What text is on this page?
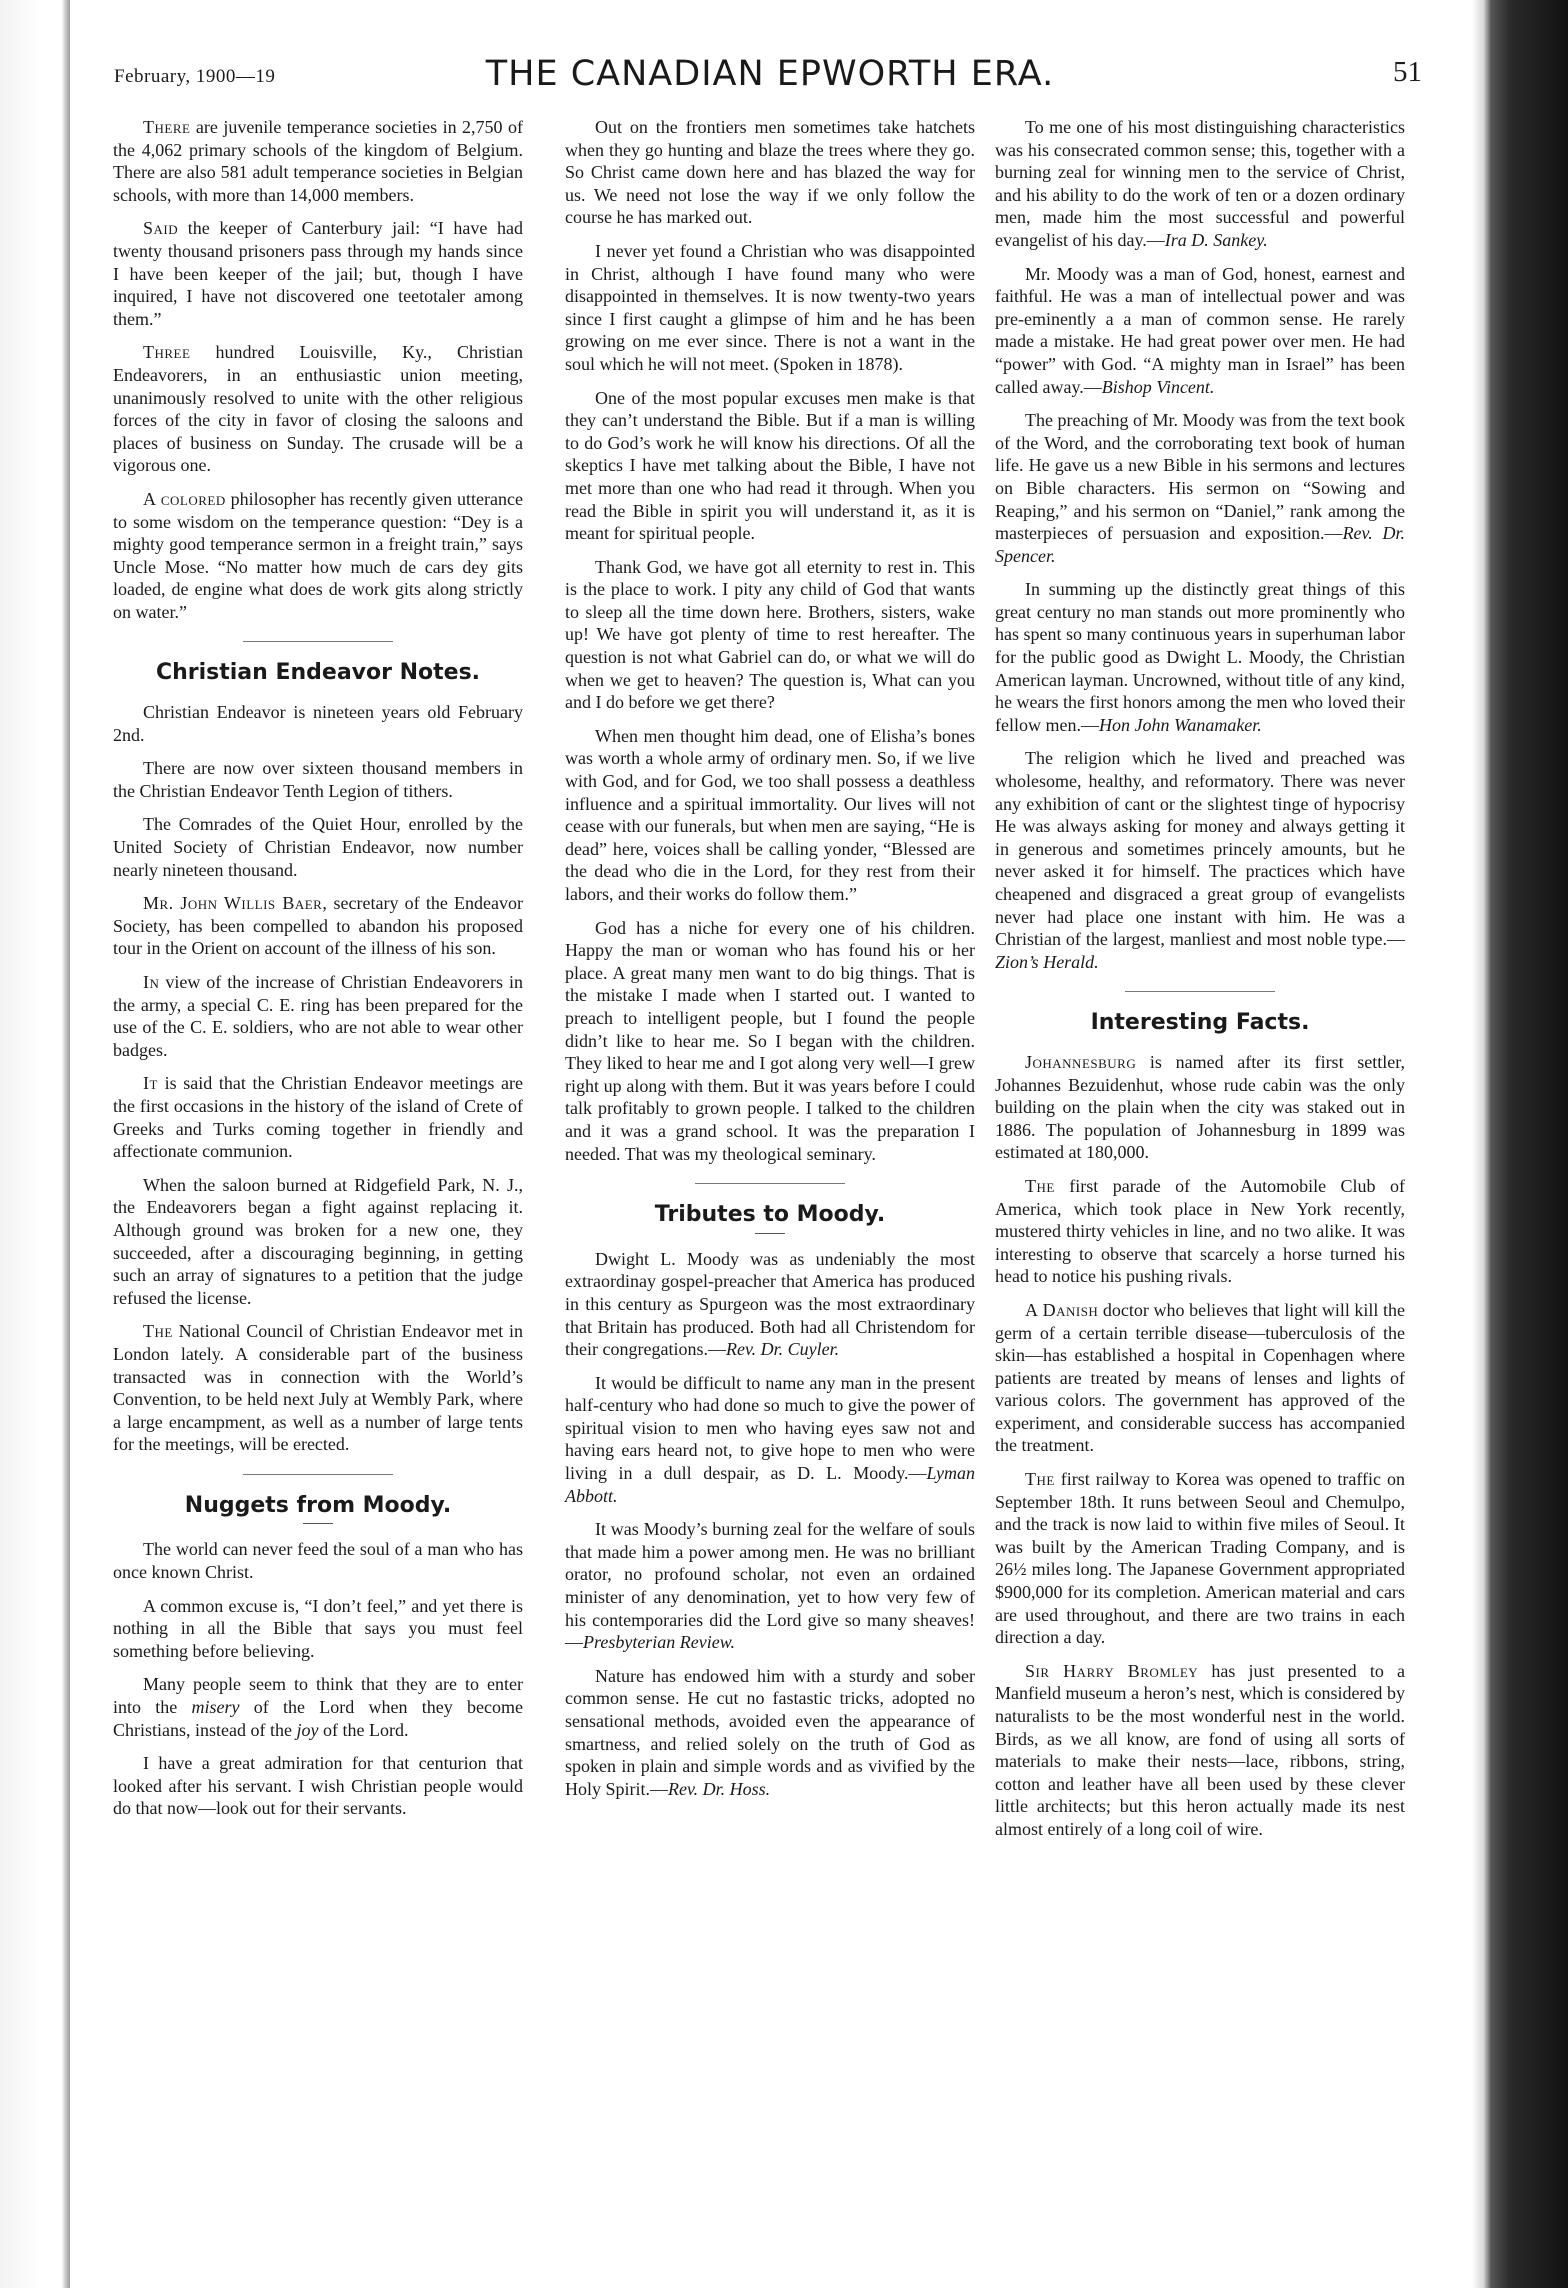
February, 1900—19	THE CANADIAN EPWORTH ERA.	51

There are juvenile temperance societies in 2,750 of the 4,062 primary schools of the kingdom of Belgium. There are also 581 adult temperance societies in Belgian schools, with more than 14,000 members.

Said the keeper of Canterbury jail: “I have had twenty thousand prisoners pass through my hands since I have been keeper of the jail; but, though I have inquired, I have not discovered one teetotaler among them.”

Three hundred Louisville, Ky., Christian Endeavorers, in an enthusiastic union meeting, unanimously resolved to unite with the other religious forces of the city in favor of closing the saloons and places of business on Sunday. The crusade will be a vigorous one.

A colored philosopher has recently given utterance to some wisdom on the temperance question: “Dey is a mighty good temperance sermon in a freight train,” says Uncle Mose. “No matter how much de cars dey gits loaded, de engine what does de work gits along strictly on water.”

Christian Endeavor Notes.

Christian Endeavor is nineteen years old February 2nd.

There are now over sixteen thousand members in the Christian Endeavor Tenth Legion of tithers.

The Comrades of the Quiet Hour, enrolled by the United Society of Christian Endeavor, now number nearly nineteen thousand.

Mr. John Willis Baer, secretary of the Endeavor Society, has been compelled to abandon his proposed tour in the Orient on account of the illness of his son.

In view of the increase of Christian Endeavorers in the army, a special C. E. ring has been prepared for the use of the C. E. soldiers, who are not able to wear other badges.

It is said that the Christian Endeavor meetings are the first occasions in the history of the island of Crete of Greeks and Turks coming together in friendly and affectionate communion.

When the saloon burned at Ridgefield Park, N. J., the Endeavorers began a fight against replacing it. Although ground was broken for a new one, they succeeded, after a discouraging beginning, in getting such an array of signatures to a petition that the judge refused the license.

The National Council of Christian Endeavor met in London lately. A considerable part of the business transacted was in connection with the World’s Convention, to be held next July at Wembly Park, where a large encampment, as well as a number of large tents for the meetings, will be erected.

Nuggets from Moody.

The world can never feed the soul of a man who has once known Christ.

A common excuse is, “I don’t feel,” and yet there is nothing in all the Bible that says you must feel something before believing.

Many people seem to think that they are to enter into the misery of the Lord when they become Christians, instead of the joy of the Lord.

I have a great admiration for that centurion that looked after his servant. I wish Christian people would do that now—look out for their servants.

Out on the frontiers men sometimes take hatchets when they go hunting and blaze the trees where they go. So Christ came down here and has blazed the way for us. We need not lose the way if we only follow the course he has marked out.

I never yet found a Christian who was disappointed in Christ, although I have found many who were disappointed in themselves. It is now twenty-two years since I first caught a glimpse of him and he has been growing on me ever since. There is not a want in the soul which he will not meet. (Spoken in 1878).

One of the most popular excuses men make is that they can’t understand the Bible. But if a man is willing to do God’s work he will know his directions. Of all the skeptics I have met talking about the Bible, I have not met more than one who had read it through. When you read the Bible in spirit you will understand it, as it is meant for spiritual people.

Thank God, we have got all eternity to rest in. This is the place to work. I pity any child of God that wants to sleep all the time down here. Brothers, sisters, wake up! We have got plenty of time to rest hereafter. The question is not what Gabriel can do, or what we will do when we get to heaven? The question is, What can you and I do before we get there?

When men thought him dead, one of Elisha’s bones was worth a whole army of ordinary men. So, if we live with God, and for God, we too shall possess a deathless influence and a spiritual immortality. Our lives will not cease with our funerals, but when men are saying, “He is dead” here, voices shall be calling yonder, “Blessed are the dead who die in the Lord, for they rest from their labors, and their works do follow them.”

God has a niche for every one of his children. Happy the man or woman who has found his or her place. A great many men want to do big things. That is the mistake I made when I started out. I wanted to preach to intelligent people, but I found the people didn’t like to hear me. So I began with the children. They liked to hear me and I got along very well—I grew right up along with them. But it was years before I could talk profitably to grown people. I talked to the children and it was a grand school. It was the preparation I needed. That was my theological seminary.

Tributes to Moody.

Dwight L. Moody was as undeniably the most extraordinay gospel-preacher that America has produced in this century as Spurgeon was the most extraordinary that Britain has produced. Both had all Christendom for their congregations.—Rev. Dr. Cuyler.

It would be difficult to name any man in the present half-century who had done so much to give the power of spiritual vision to men who having eyes saw not and having ears heard not, to give hope to men who were living in a dull despair, as D. L. Moody.—Lyman Abbott.

It was Moody’s burning zeal for the welfare of souls that made him a power among men. He was no brilliant orator, no profound scholar, not even an ordained minister of any denomination, yet to how very few of his contemporaries did the Lord give so many sheaves!—Presbyterian Review.

Nature has endowed him with a sturdy and sober common sense. He cut no fastastic tricks, adopted no sensational methods, avoided even the appearance of smartness, and relied solely on the truth of God as spoken in plain and simple words and as vivified by the Holy Spirit.—Rev. Dr. Hoss.

To me one of his most distinguishing characteristics was his consecrated common sense; this, together with a burning zeal for winning men to the service of Christ, and his ability to do the work of ten or a dozen ordinary men, made him the most successful and powerful evangelist of his day.—Ira D. Sankey.

Mr. Moody was a man of God, honest, earnest and faithful. He was a man of intellectual power and was pre-eminently a a man of common sense. He rarely made a mistake. He had great power over men. He had “power” with God. “A mighty man in Israel” has been called away.—Bishop Vincent.

The preaching of Mr. Moody was from the text book of the Word, and the corroborating text book of human life. He gave us a new Bible in his sermons and lectures on Bible characters. His sermon on “Sowing and Reaping,” and his sermon on “Daniel,” rank among the masterpieces of persuasion and exposition.—Rev. Dr. Spencer.

In summing up the distinctly great things of this great century no man stands out more prominently who has spent so many continuous years in superhuman labor for the public good as Dwight L. Moody, the Christian American layman. Uncrowned, without title of any kind, he wears the first honors among the men who loved their fellow men.—Hon John Wanamaker.

The religion which he lived and preached was wholesome, healthy, and reformatory. There was never any exhibition of cant or the slightest tinge of hypocrisy He was always asking for money and always getting it in generous and sometimes princely amounts, but he never asked it for himself. The practices which have cheapened and disgraced a great group of evangelists never had place one instant with him. He was a Christian of the largest, manliest and most noble type.—Zion’s Herald.

Interesting Facts.

Johannesburg is named after its first settler, Johannes Bezuidenhut, whose rude cabin was the only building on the plain when the city was staked out in 1886. The population of Johannesburg in 1899 was estimated at 180,000.

The first parade of the Automobile Club of America, which took place in New York recently, mustered thirty vehicles in line, and no two alike. It was interesting to observe that scarcely a horse turned his head to notice his pushing rivals.

A Danish doctor who believes that light will kill the germ of a certain terrible disease—tuberculosis of the skin—has established a hospital in Copenhagen where patients are treated by means of lenses and lights of various colors. The government has approved of the experiment, and considerable success has accompanied the treatment.

The first railway to Korea was opened to traffic on September 18th. It runs between Seoul and Chemulpo, and the track is now laid to within five miles of Seoul. It was built by the American Trading Company, and is 26½ miles long. The Japanese Government appropriated $900,000 for its completion. American material and cars are used throughout, and there are two trains in each direction a day.

Sir Harry Bromley has just presented to a Manfield museum a heron’s nest, which is considered by naturalists to be the most wonderful nest in the world. Birds, as we all know, are fond of using all sorts of materials to make their nests—lace, ribbons, string, cotton and leather have all been used by these clever little architects; but this heron actually made its nest almost entirely of a long coil of wire.
